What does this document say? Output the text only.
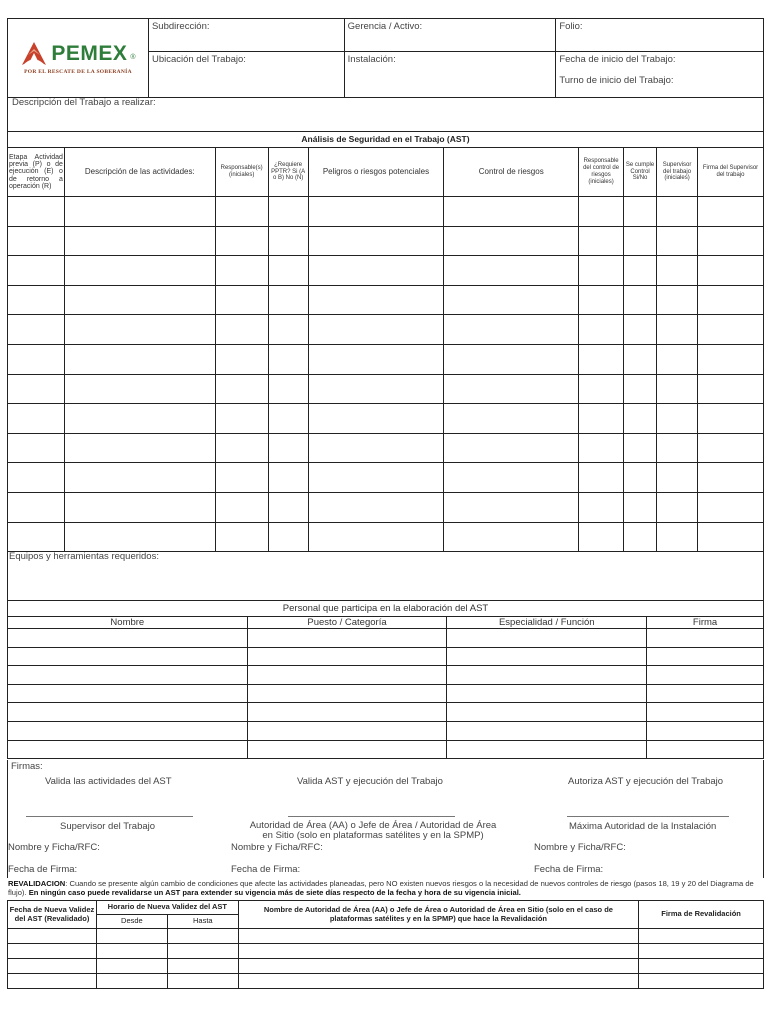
PEMEX ®
POR EL RESCATE DE LA SOBERANÍA	Subdirección:	Gerencia / Activo:	Folio:
	Ubicación del Trabajo:	Instalación:	Fecha de inicio del Trabajo:
Turno de inicio del Trabajo:
Descripción del Trabajo a realizar:
Análisis de Seguridad en el Trabajo (AST)
Etapa Actividad previa (P) o de ejecución (E) o de retorno a operación (R)	Descripción de las actividades:	Responsable(s) (iniciales)	¿Requiere PPTR? Si (A o B) No (N)	Peligros o riesgos potenciales	Control de riesgos	Responsable del control de riesgos (iniciales)	Se cumple Control Si/No	Supervisor del trabajo (iniciales)	Firma del Supervisor del trabajo

Equipos y herramientas requeridos:
Personal que participa en la elaboración del AST
Nombre	Puesto / Categoría	Especialidad / Función	Firma

Firmas:
Valida las actividades del AST	Valida AST y ejecución del Trabajo	Autoriza AST y ejecución del Trabajo
Supervisor del Trabajo	Autoridad de Área (AA) o Jefe de Área / Autoridad de Área en Sitio (solo en plataformas satélites y en la SPMP)
Máxima Autoridad de la Instalación
Nombre y Ficha/RFC:	Nombre y Ficha/RFC:	Nombre y Ficha/RFC:
Fecha de Firma:	Fecha de Firma:	Fecha de Firma:
REVALIDACION: Cuando se presente algún cambio de condiciones que afecte las actividades planeadas, pero NO existen nuevos riesgos o la necesidad de nuevos controles de riesgo (pasos 18, 19 y 20 del Diagrama de flujo). En ningún caso puede revalidarse un AST para extender su vigencia más de siete días respecto de la fecha y hora de su vigencia inicial.
Fecha de Nueva Validez del AST (Revalidado)	Horario de Nueva Validez del AST		Nombre de Autoridad de Área (AA) o Jefe de Área o Autoridad de Área en Sitio (solo en el caso de plataformas satélites y en la SPMP) que hace la Revalidación	Firma de Revalidación
	Desde	Hasta		
